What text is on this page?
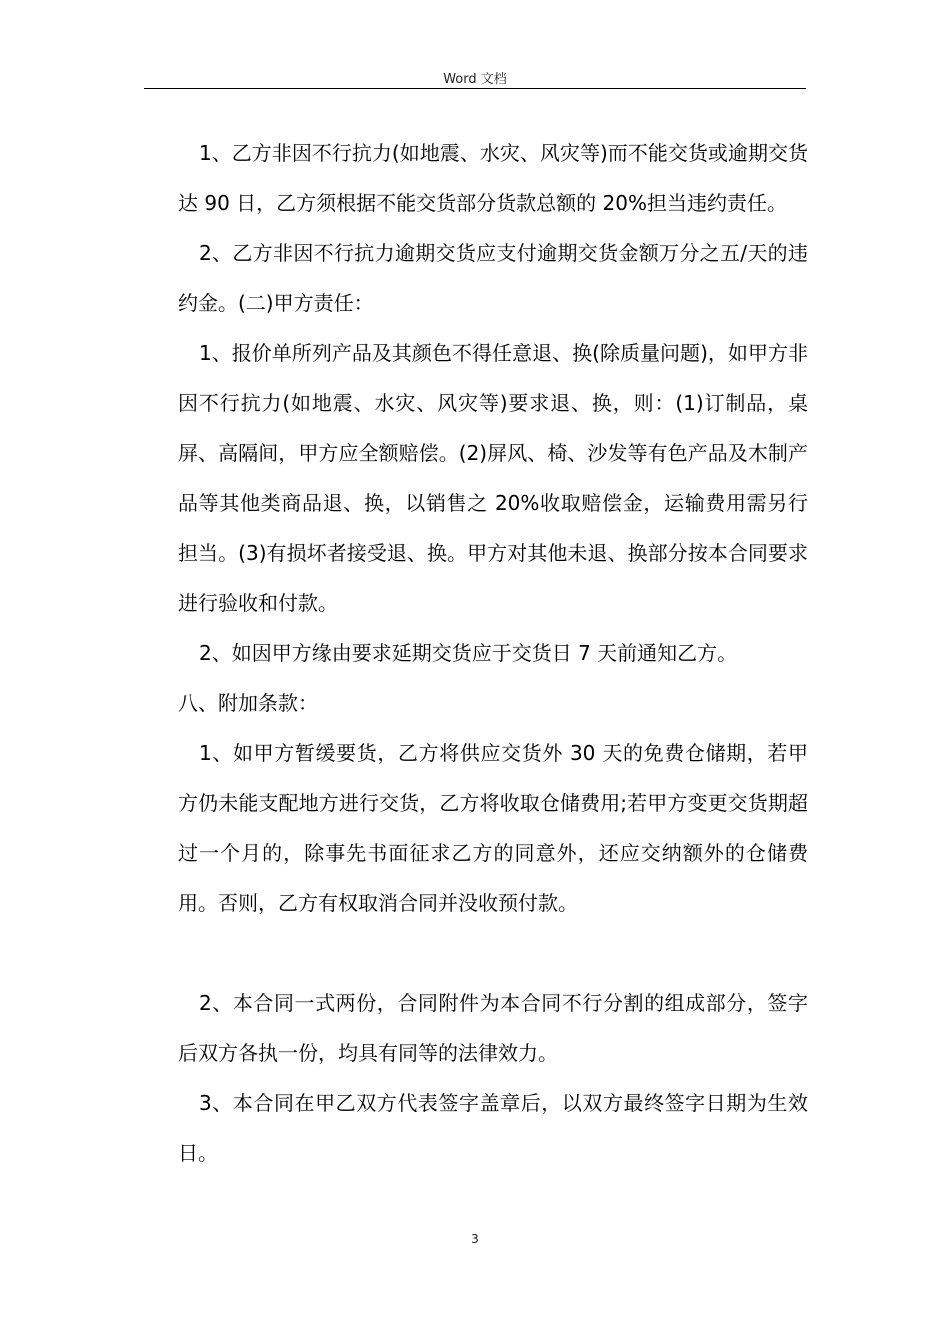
Word 文档

1、乙方非因不行抗力(如地震、水灾、风灾等)而不能交货或逾期交货达 90 日，乙方须根据不能交货部分货款总额的 20%担当违约责任。

2、乙方非因不行抗力逾期交货应支付逾期交货金额万分之五/天的违约金。(二)甲方责任：

1、报价单所列产品及其颜色不得任意退、换(除质量问题)，如甲方非因不行抗力(如地震、水灾、风灾等)要求退、换，则：(1)订制品，桌屏、高隔间，甲方应全额赔偿。(2)屏风、椅、沙发等有色产品及木制产品等其他类商品退、换，以销售之 20%收取赔偿金，运输费用需另行担当。(3)有损坏者接受退、换。甲方对其他未退、换部分按本合同要求进行验收和付款。

2、如因甲方缘由要求延期交货应于交货日 7 天前通知乙方。

八、附加条款：

1、如甲方暂缓要货，乙方将供应交货外 30 天的免费仓储期，若甲方仍未能支配地方进行交货，乙方将收取仓储费用;若甲方变更交货期超过一个月的，除事先书面征求乙方的同意外，还应交纳额外的仓储费用。否则，乙方有权取消合同并没收预付款。

2、本合同一式两份，合同附件为本合同不行分割的组成部分，签字后双方各执一份，均具有同等的法律效力。

3、本合同在甲乙双方代表签字盖章后，以双方最终签字日期为生效日。

3
